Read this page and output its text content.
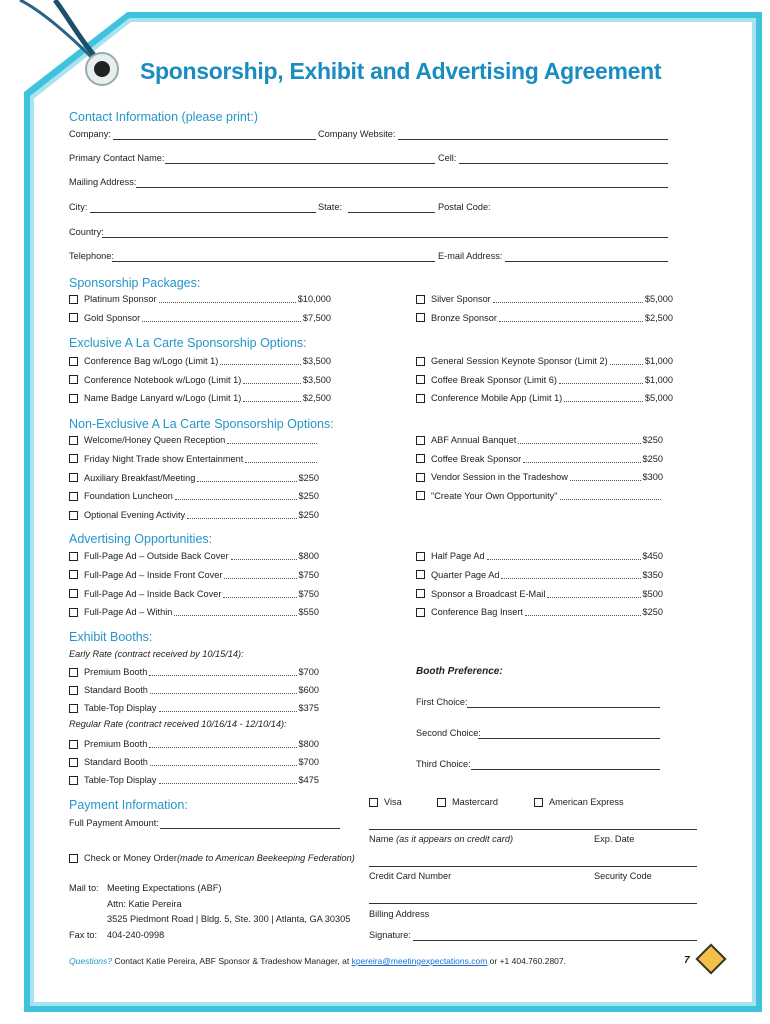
Sponsorship, Exhibit and Advertising Agreement
Contact Information (please print:)
Company:	Company Website:
Primary Contact Name:	Cell:
Mailing Address:
City:	State:	Postal Code:
Country:
Telephone:	E-mail Address:
Sponsorship Packages:
Platinum Sponsor	$10,000
Gold Sponsor	$7,500
Silver Sponsor	$5,000
Bronze Sponsor	$2,500
Exclusive A La Carte Sponsorship Options:
Conference Bag w/Logo (Limit 1)	$3,500
Conference Notebook w/Logo (Limit 1)	$3,500
Name Badge Lanyard w/Logo (Limit 1)	$2,500
General Session Keynote Sponsor (Limit 2)	$1,000
Coffee Break Sponsor (Limit 6)	$1,000
Conference Mobile App (Limit 1)	$5,000
Non-Exclusive A La Carte Sponsorship Options:
Welcome/Honey Queen Reception
Friday Night Trade show Entertainment
Auxiliary Breakfast/Meeting	$250
Foundation Luncheon	$250
Optional Evening Activity	$250
ABF Annual Banquet	$250
Coffee Break Sponsor	$250
Vendor Session in the Tradeshow	$300
"Create Your Own Opportunity"
Advertising Opportunities:
Full-Page Ad – Outside Back Cover	$800
Full-Page Ad – Inside Front Cover	$750
Full-Page Ad – Inside Back Cover	$750
Full-Page Ad – Within	$550
Half Page Ad	$450
Quarter Page Ad	$350
Sponsor a Broadcast E-Mail	$500
Conference Bag Insert	$250
Exhibit Booths:
Early Rate (contract received by 10/15/14):
Premium Booth	$700
Standard Booth	$600
Table-Top Display	$375
Regular Rate (contract received 10/16/14 - 12/10/14):
Premium Booth	$800
Standard Booth	$700
Table-Top Display	$475
Booth Preference:
First Choice:
Second Choice:
Third Choice:
Payment Information:
Full Payment Amount:
Check or Money Order (made to American Beekeeping Federation)
Visa	Mastercard	American Express
Name (as it appears on credit card)	Exp. Date
Credit Card Number	Security Code
Billing Address
Signature:
Mail to: Meeting Expectations (ABF)
Attn: Katie Pereira
3525 Piedmont Road | Bldg. 5, Ste. 300 | Atlanta, GA 30305
Fax to: 404-240-0998
Questions? Contact Katie Pereira, ABF Sponsor & Tradeshow Manager, at kpereira@meetingexpectations.com or +1 404.760.2807.	7
